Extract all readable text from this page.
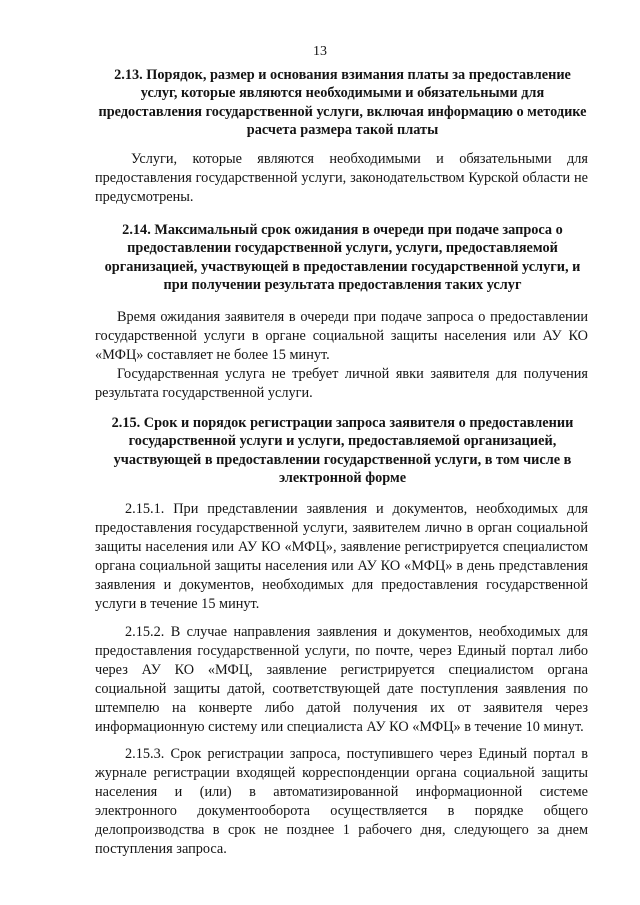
13
2.13. Порядок, размер и основания взимания платы за предоставление услуг, которые являются необходимыми и обязательными для предоставления государственной услуги, включая информацию о методике расчета размера такой платы

Услуги, которые являются необходимыми и обязательными для предоставления государственной услуги, законодательством Курской области не предусмотрены.

2.14. Максимальный срок ожидания в очереди при подаче запроса о предоставлении государственной услуги, услуги, предоставляемой организацией, участвующей в предоставлении государственной услуги, и при получении результата предоставления таких услуг

Время ожидания заявителя в очереди при подаче запроса о предоставлении государственной услуги в органе социальной защиты населения или АУ КО «МФЦ» составляет не более 15 минут.

Государственная услуга не требует личной явки заявителя для получения результата государственной услуги.

2.15. Срок и порядок регистрации запроса заявителя о предоставлении государственной услуги и услуги, предоставляемой организацией, участвующей в предоставлении государственной услуги, в том числе в электронной форме

2.15.1. При представлении заявления и документов, необходимых для предоставления государственной услуги, заявителем лично в орган социальной защиты населения или АУ КО «МФЦ», заявление регистрируется специалистом органа социальной защиты населения или АУ КО «МФЦ» в день представления заявления и документов, необходимых для предоставления государственной услуги в течение 15 минут.

2.15.2. В случае направления заявления и документов, необходимых для предоставления государственной услуги, по почте, через Единый портал либо через АУ КО «МФЦ, заявление регистрируется специалистом органа социальной защиты датой, соответствующей дате поступления заявления по штемпелю на конверте либо датой получения их от заявителя через информационную систему или специалиста АУ КО «МФЦ» в течение 10 минут.

2.15.3. Срок регистрации запроса, поступившего через Единый портал в журнале регистрации входящей корреспонденции органа социальной защиты населения и (или) в автоматизированной информационной системе электронного документооборота осуществляется в порядке общего делопроизводства в срок не позднее 1 рабочего дня, следующего за днем поступления запроса.
